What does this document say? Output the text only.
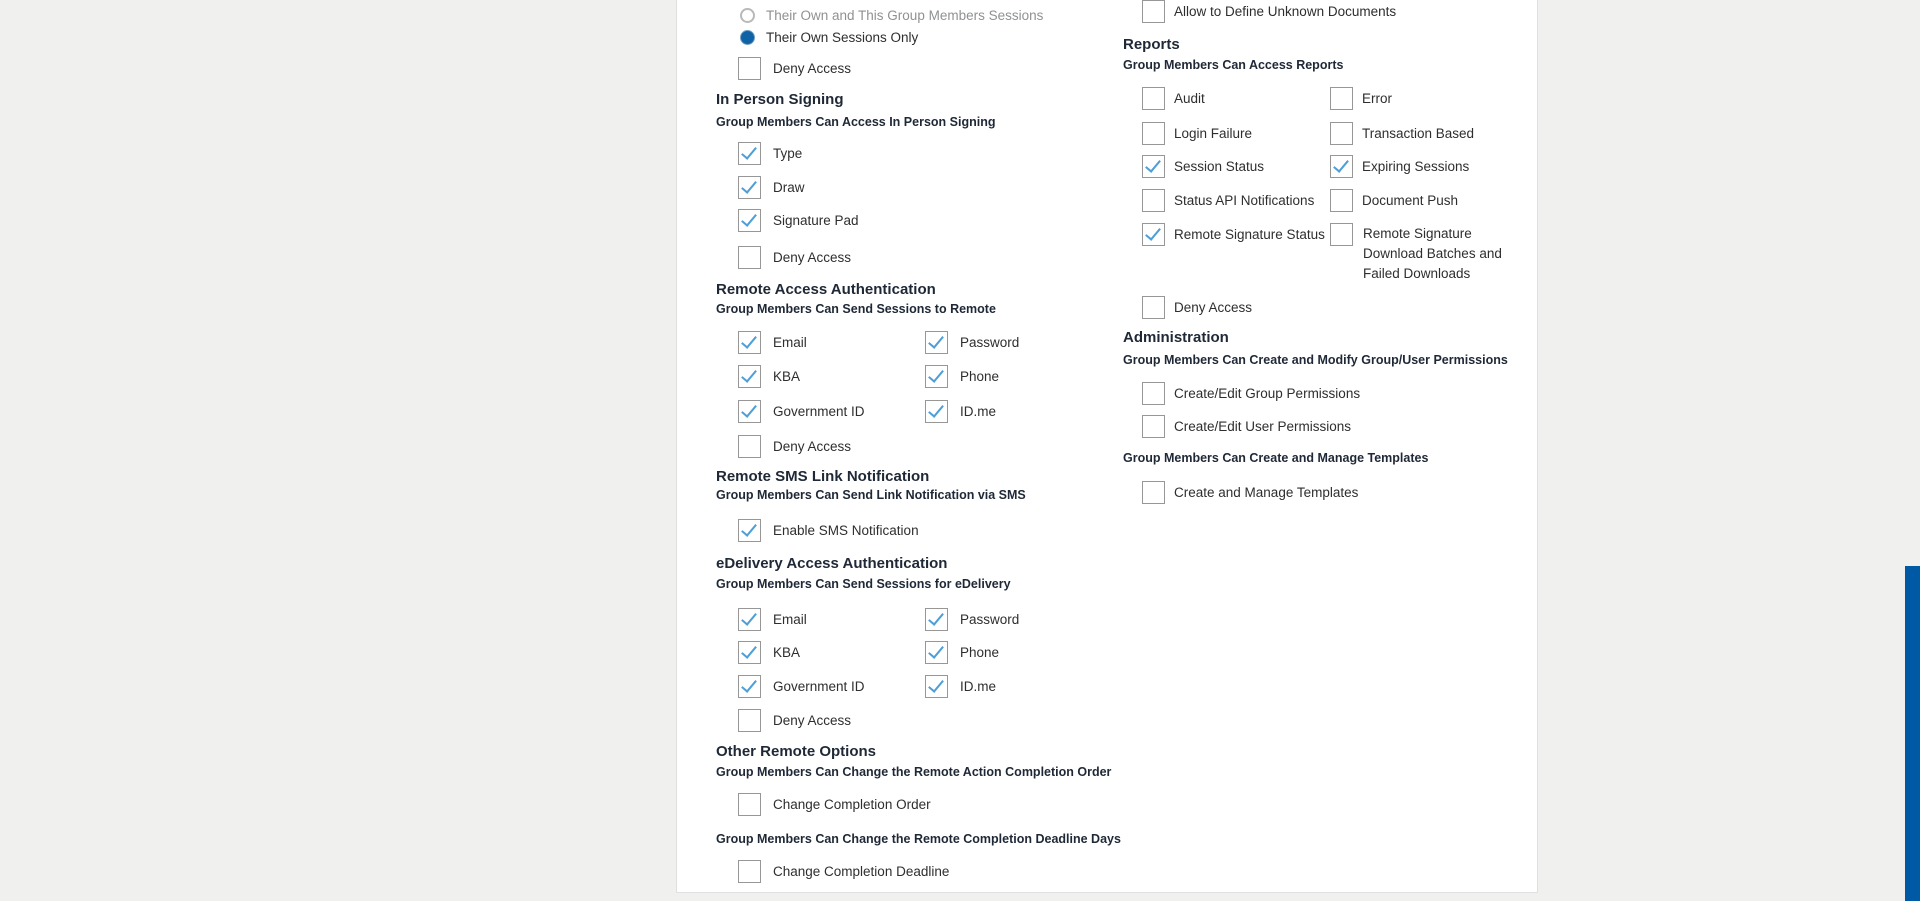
Their Own and This Group Members Sessions
Their Own Sessions Only
Deny Access
In Person Signing
Group Members Can Access In Person Signing
Type
Draw
Signature Pad
Deny Access
Remote Access Authentication
Group Members Can Send Sessions to Remote
Email	Password
KBA	Phone
Government ID	ID.me
Deny Access
Remote SMS Link Notification
Group Members Can Send Link Notification via SMS
Enable SMS Notification
eDelivery Access Authentication
Group Members Can Send Sessions for eDelivery
Email	Password
KBA	Phone
Government ID	ID.me
Deny Access
Other Remote Options
Group Members Can Change the Remote Action Completion Order
Change Completion Order
Group Members Can Change the Remote Completion Deadline Days
Change Completion Deadline
Allow to Define Unknown Documents
Reports
Group Members Can Access Reports
Audit	Error
Login Failure	Transaction Based
Session Status	Expiring Sessions
Status API Notifications	Document Push
Remote Signature Status	Remote Signature Download Batches and Failed Downloads
Deny Access
Administration
Group Members Can Create and Modify Group/User Permissions
Create/Edit Group Permissions
Create/Edit User Permissions
Group Members Can Create and Manage Templates
Create and Manage Templates
